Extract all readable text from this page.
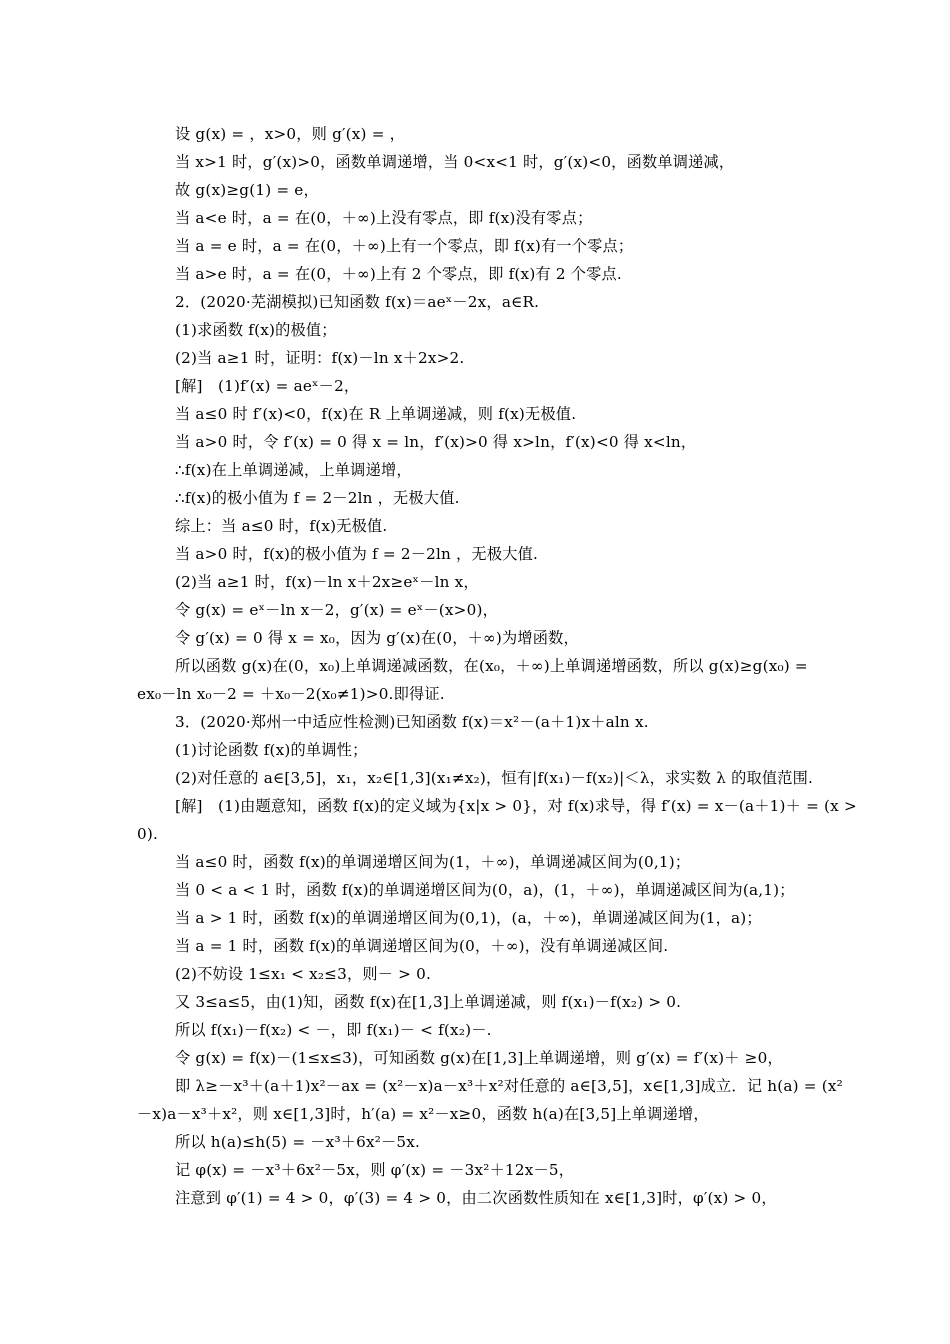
设 g(x) = ，x>0，则 g′(x) = ，
当 x>1 时，g′(x)>0，函数单调递增，当 0<x<1 时，g′(x)<0，函数单调递减，
故 g(x)≥g(1) = e，
当 a<e 时，a = 在(0，＋∞)上没有零点，即 f(x)没有零点；
当 a = e 时，a = 在(0，＋∞)上有一个零点，即 f(x)有一个零点；
当 a>e 时，a = 在(0，＋∞)上有 2 个零点，即 f(x)有 2 个零点.
2．(2020·芜湖模拟)已知函数 f(x)＝aeˣ－2x，a∈R.
(1)求函数 f(x)的极值；
(2)当 a≥1 时，证明：f(x)－ln x＋2x>2.
[解]　(1)f′(x) = aeˣ－2，
当 a≤0 时 f′(x)<0，f(x)在 R 上单调递减，则 f(x)无极值.
当 a>0 时，令 f′(x) = 0 得 x = ln，f′(x)>0 得 x>ln，f′(x)<0 得 x<ln，
∴f(x)在上单调递减，上单调递增，
∴f(x)的极小值为 f = 2－2ln ，无极大值.
综上：当 a≤0 时，f(x)无极值.
当 a>0 时，f(x)的极小值为 f = 2－2ln ，无极大值.
(2)当 a≥1 时，f(x)－ln x＋2x≥eˣ－ln x，
令 g(x) = eˣ－ln x－2，g′(x) = eˣ－(x>0)，
令 g′(x) = 0 得 x = x₀，因为 g′(x)在(0，＋∞)为增函数，
所以函数 g(x)在(0，x₀)上单调递减函数，在(x₀，＋∞)上单调递增函数，所以 g(x)≥g(x₀) =
ex₀－ln x₀－2 = ＋x₀－2(x₀≠1)>0.即得证.
3．(2020·郑州一中适应性检测)已知函数 f(x)＝x²－(a＋1)x＋aln x.
(1)讨论函数 f(x)的单调性；
(2)对任意的 a∈[3,5]，x₁，x₂∈[1,3](x₁≠x₂)，恒有|f(x₁)－f(x₂)|＜λ，求实数 λ 的取值范围.
[解]　(1)由题意知，函数 f(x)的定义域为{x|x > 0}，对 f(x)求导，得 f′(x) = x－(a＋1)＋ = (x >
0).
当 a≤0 时，函数 f(x)的单调递增区间为(1，＋∞)，单调递减区间为(0,1)；
当 0 < a < 1 时，函数 f(x)的单调递增区间为(0，a)，(1，＋∞)，单调递减区间为(a,1)；
当 a > 1 时，函数 f(x)的单调递增区间为(0,1)，(a，＋∞)，单调递减区间为(1，a)；
当 a = 1 时，函数 f(x)的单调递增区间为(0，＋∞)，没有单调递减区间.
(2)不妨设 1≤x₁ < x₂≤3，则－ > 0.
又 3≤a≤5，由(1)知，函数 f(x)在[1,3]上单调递减，则 f(x₁)－f(x₂) > 0.
所以 f(x₁)－f(x₂) < －，即 f(x₁)－ < f(x₂)－.
令 g(x) = f(x)－(1≤x≤3)，可知函数 g(x)在[1,3]上单调递增，则 g′(x) = f′(x)＋ ≥0，
即 λ≥－x³＋(a＋1)x²－ax = (x²－x)a－x³＋x²对任意的 a∈[3,5]，x∈[1,3]成立．记 h(a) = (x²
－x)a－x³＋x²，则 x∈[1,3]时，h′(a) = x²－x≥0，函数 h(a)在[3,5]上单调递增，
所以 h(a)≤h(5) = －x³＋6x²－5x.
记 φ(x) = －x³＋6x²－5x，则 φ′(x) = －3x²＋12x－5，
注意到 φ′(1) = 4 > 0，φ′(3) = 4 > 0，由二次函数性质知在 x∈[1,3]时，φ′(x) > 0，
